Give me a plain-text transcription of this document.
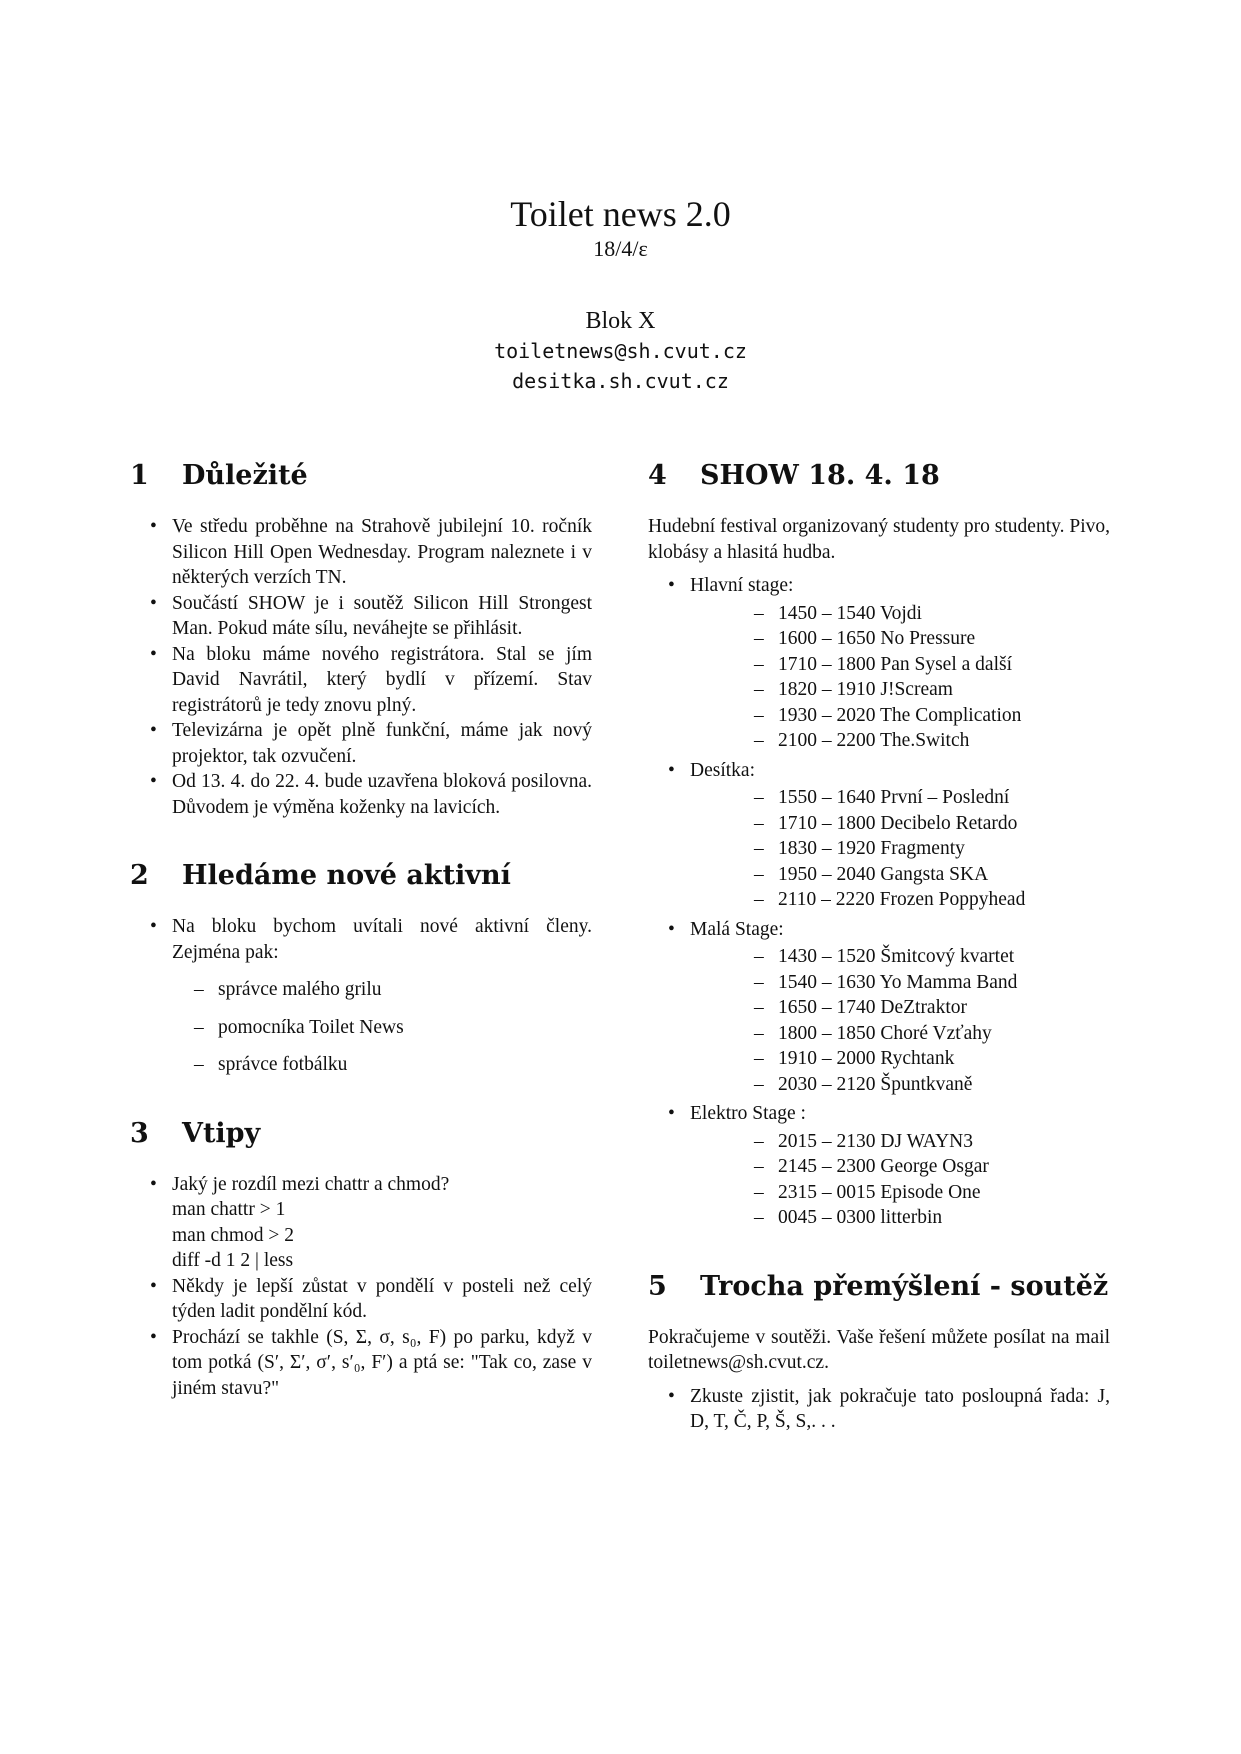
Toilet news 2.0
18/4/ε
Blok X
toiletnews@sh.cvut.cz
desitka.sh.cvut.cz
1	Důležité
• Ve středu proběhne na Strahově jubilejní 10. ročník Silicon Hill Open Wednesday. Program naleznete i v některých verzích TN.
• Součástí SHOW je i soutěž Silicon Hill Strongest Man. Pokud máte sílu, neváhejte se přihlásit.
• Na bloku máme nového registrátora. Stal se jím David Navrátil, který bydlí v přízemí. Stav registrátorů je tedy znovu plný.
• Televizárna je opět plně funkční, máme jak nový projektor, tak ozvučení.
• Od 13. 4. do 22. 4. bude uzavřena bloková posilovna. Důvodem je výměna koženky na lavicích.
2	Hledáme nové aktivní
• Na bloku bychom uvítali nové aktivní členy. Zejména pak:
– správce malého grilu
– pomocníka Toilet News
– správce fotbálku
3	Vtipy
• Jaký je rozdíl mezi chattr a chmod?
man chattr > 1
man chmod > 2
diff -d 1 2 | less
• Někdy je lepší zůstat v pondělí v posteli než celý týden ladit pondělní kód.
• Prochází se takhle (S, Σ, σ, s₀, F) po parku, když v tom potká (S′, Σ′, σ′, s′₀, F′) a ptá se: "Tak co, zase v jiném stavu?"
4	SHOW 18. 4. 18

Hudební festival organizovaný studenty pro studenty. Pivo, klobásy a hlasitá hudba.

• Hlavní stage:
– 1450 – 1540 Vojdi
– 1600 – 1650 No Pressure
– 1710 – 1800 Pan Sysel a další
– 1820 – 1910 J!Scream
– 1930 – 2020 The Complication
– 2100 – 2200 The.Switch
• Desítka:
– 1550 – 1640 První – Poslední
– 1710 – 1800 Decibelo Retardo
– 1830 – 1920 Fragmenty
– 1950 – 2040 Gangsta SKA
– 2110 – 2220 Frozen Poppyhead
• Malá Stage:
– 1430 – 1520 Šmitcový kvartet
– 1540 – 1630 Yo Mamma Band
– 1650 – 1740 DeZtraktor
– 1800 – 1850 Choré Vzťahy
– 1910 – 2000 Rychtank
– 2030 – 2120 Špuntkvaně
• Elektro Stage :
– 2015 – 2130 DJ WAYN3
– 2145 – 2300 George Osgar
– 2315 – 0015 Episode One
– 0045 – 0300 litterbin
5	Trocha přemýšlení - soutěž

Pokračujeme v soutěži. Vaše řešení můžete posílat na mail toiletnews@sh.cvut.cz.

• Zkuste zjistit, jak pokračuje tato posloupná řada: J, D, T, Č, P, Š, S,. . .
